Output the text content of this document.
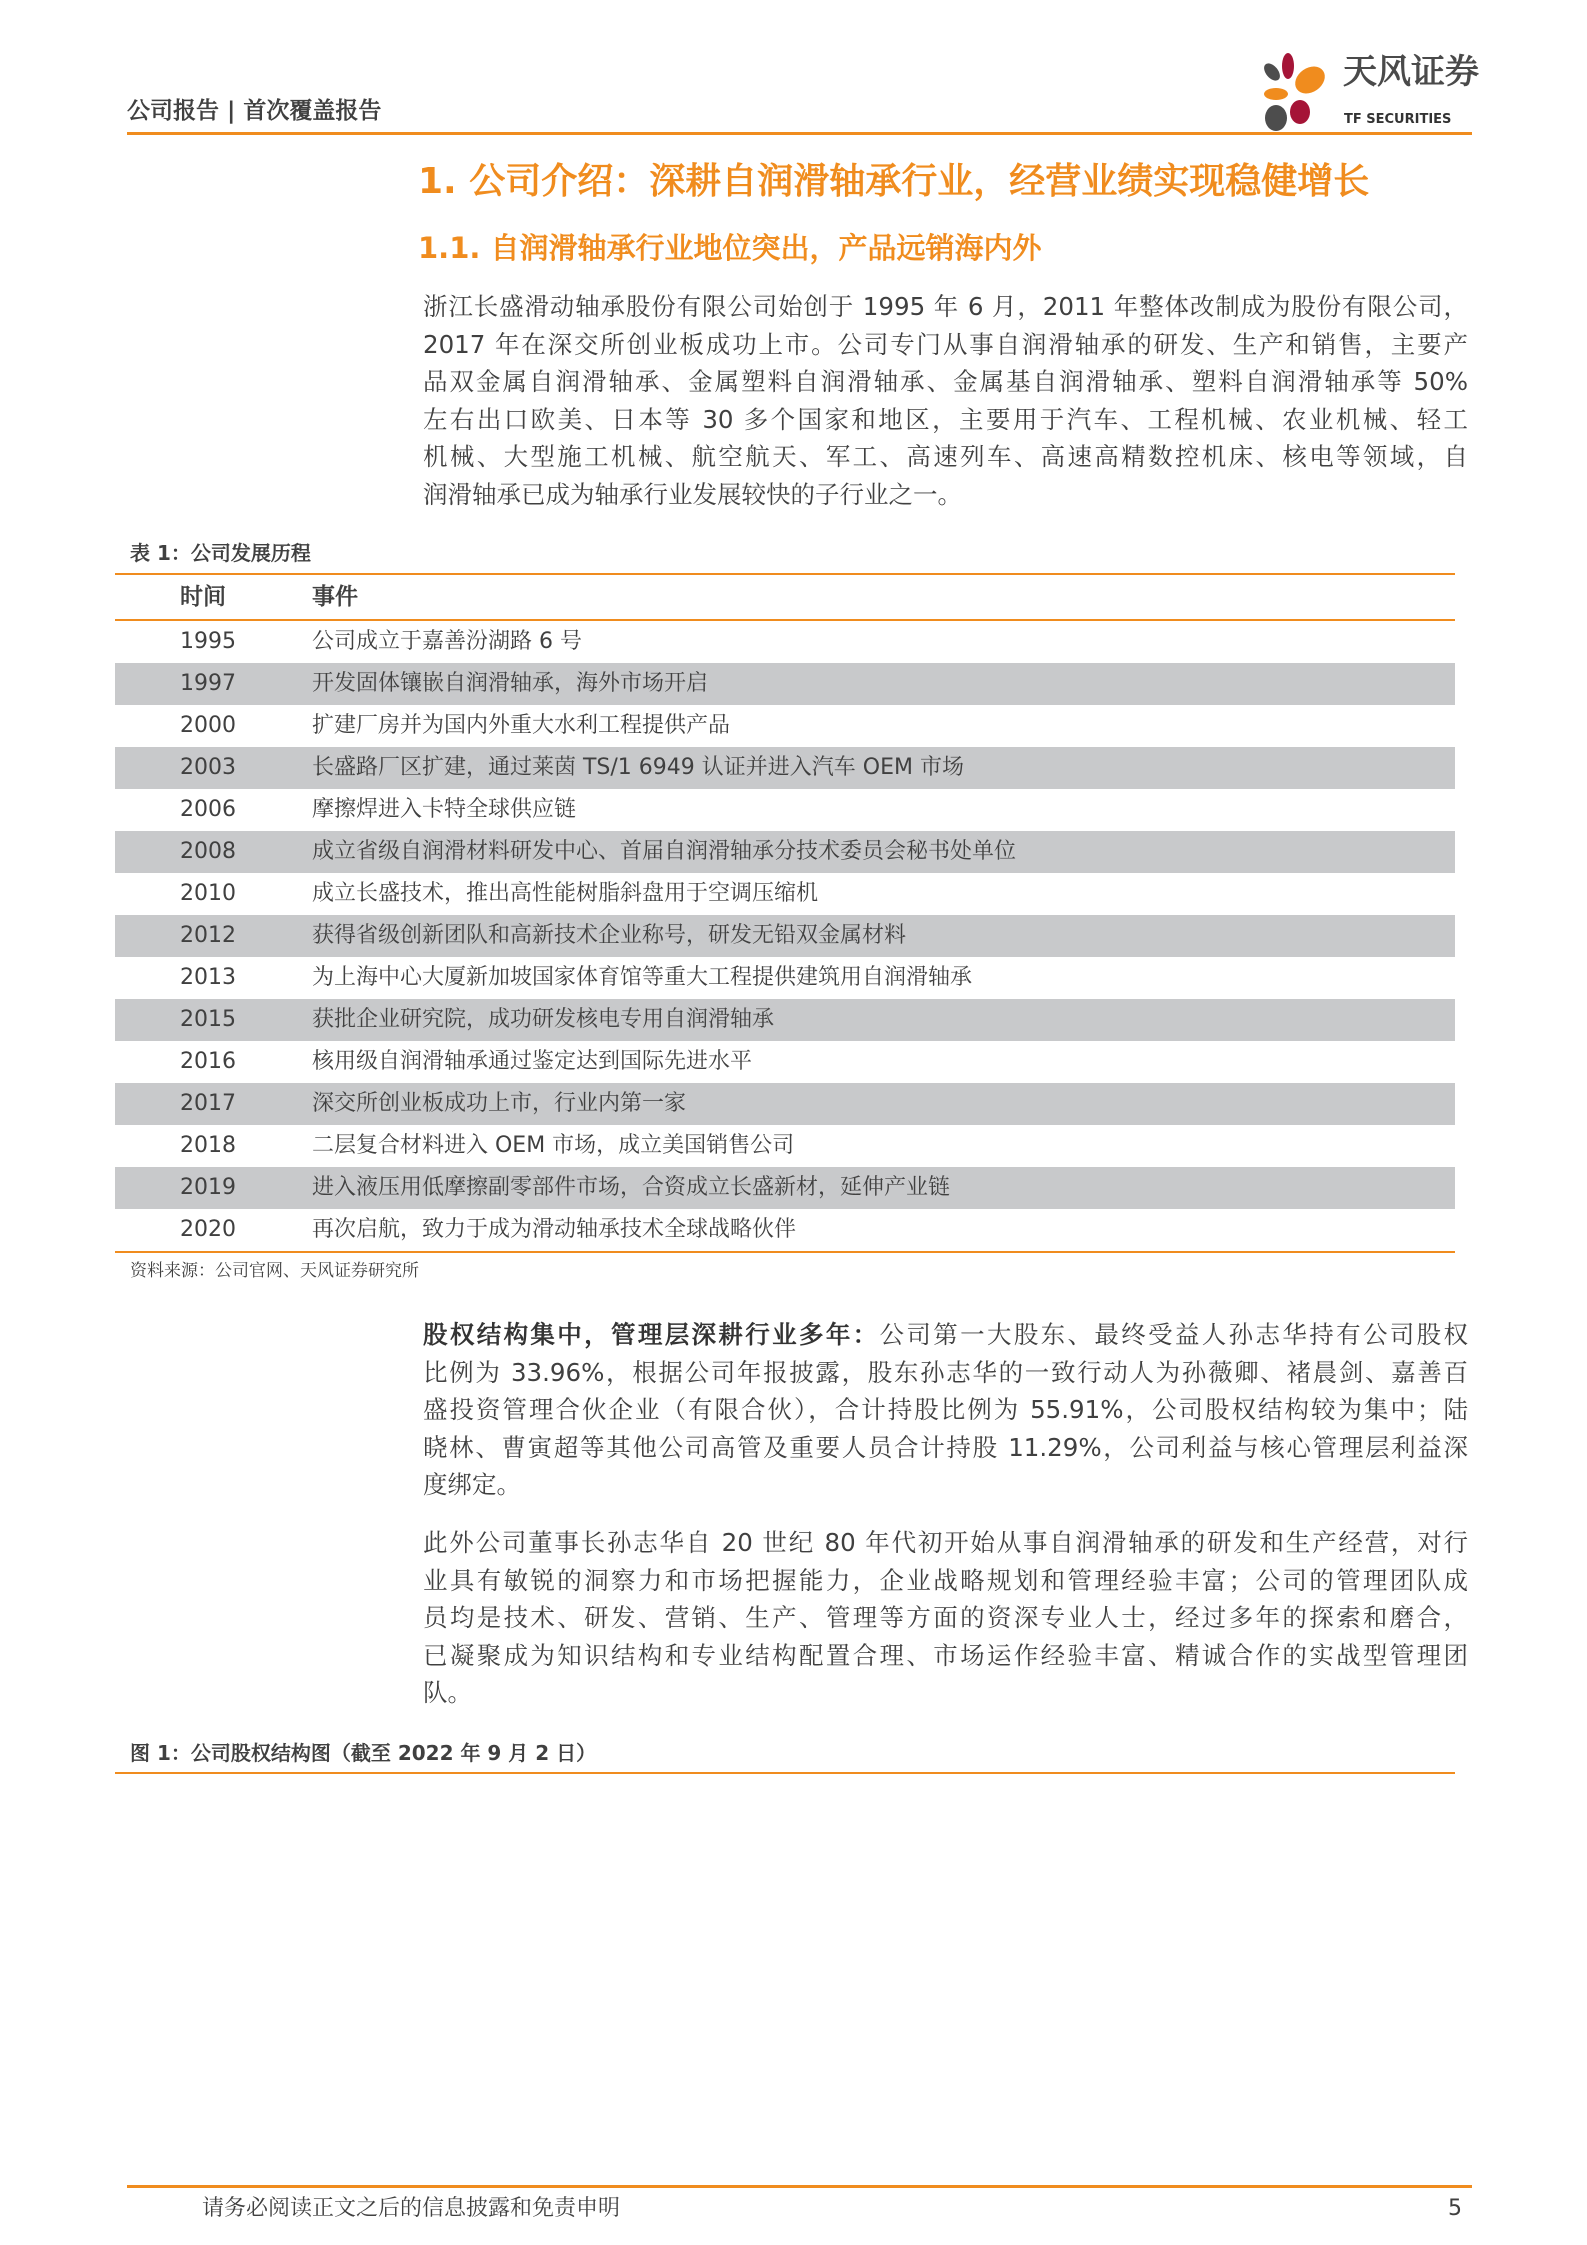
公司报告 | 首次覆盖报告
天风证券
TF SECURITIES
1. 公司介绍：深耕自润滑轴承行业，经营业绩实现稳健增长
1.1. 自润滑轴承行业地位突出，产品远销海内外
浙江长盛滑动轴承股份有限公司始创于 1995 年 6 月，2011 年整体改制成为股份有限公司，
2017 年在深交所创业板成功上市。公司专门从事自润滑轴承的研发、生产和销售，主要产
品双金属自润滑轴承、金属塑料自润滑轴承、金属基自润滑轴承、塑料自润滑轴承等 50%
左右出口欧美、日本等 30 多个国家和地区，主要用于汽车、工程机械、农业机械、轻工
机械、大型施工机械、航空航天、军工、高速列车、高速高精数控机床、核电等领域，自
润滑轴承已成为轴承行业发展较快的子行业之一。
表 1：公司发展历程
时间	事件
1995	公司成立于嘉善汾湖路 6 号
1997	开发固体镶嵌自润滑轴承，海外市场开启
2000	扩建厂房并为国内外重大水利工程提供产品
2003	长盛路厂区扩建，通过莱茵 TS/1 6949 认证并进入汽车 OEM 市场
2006	摩擦焊进入卡特全球供应链
2008	成立省级自润滑材料研发中心、首届自润滑轴承分技术委员会秘书处单位
2010	成立长盛技术，推出高性能树脂斜盘用于空调压缩机
2012	获得省级创新团队和高新技术企业称号，研发无铅双金属材料
2013	为上海中心大厦新加坡国家体育馆等重大工程提供建筑用自润滑轴承
2015	获批企业研究院，成功研发核电专用自润滑轴承
2016	核用级自润滑轴承通过鉴定达到国际先进水平
2017	深交所创业板成功上市，行业内第一家
2018	二层复合材料进入 OEM 市场，成立美国销售公司
2019	进入液压用低摩擦副零部件市场，合资成立长盛新材，延伸产业链
2020	再次启航，致力于成为滑动轴承技术全球战略伙伴
资料来源：公司官网、天风证券研究所
股权结构集中，管理层深耕行业多年：公司第一大股东、最终受益人孙志华持有公司股权
比例为 33.96%，根据公司年报披露，股东孙志华的一致行动人为孙薇卿、褚晨剑、嘉善百
盛投资管理合伙企业（有限合伙），合计持股比例为 55.91%，公司股权结构较为集中；陆
晓林、曹寅超等其他公司高管及重要人员合计持股 11.29%，公司利益与核心管理层利益深
度绑定。
此外公司董事长孙志华自 20 世纪 80 年代初开始从事自润滑轴承的研发和生产经营，对行
业具有敏锐的洞察力和市场把握能力，企业战略规划和管理经验丰富；公司的管理团队成
员均是技术、研发、营销、生产、管理等方面的资深专业人士，经过多年的探索和磨合，
已凝聚成为知识结构和专业结构配置合理、市场运作经验丰富、精诚合作的实战型管理团
队。
图 1：公司股权结构图（截至 2022 年 9 月 2 日）
请务必阅读正文之后的信息披露和免责申明	5
